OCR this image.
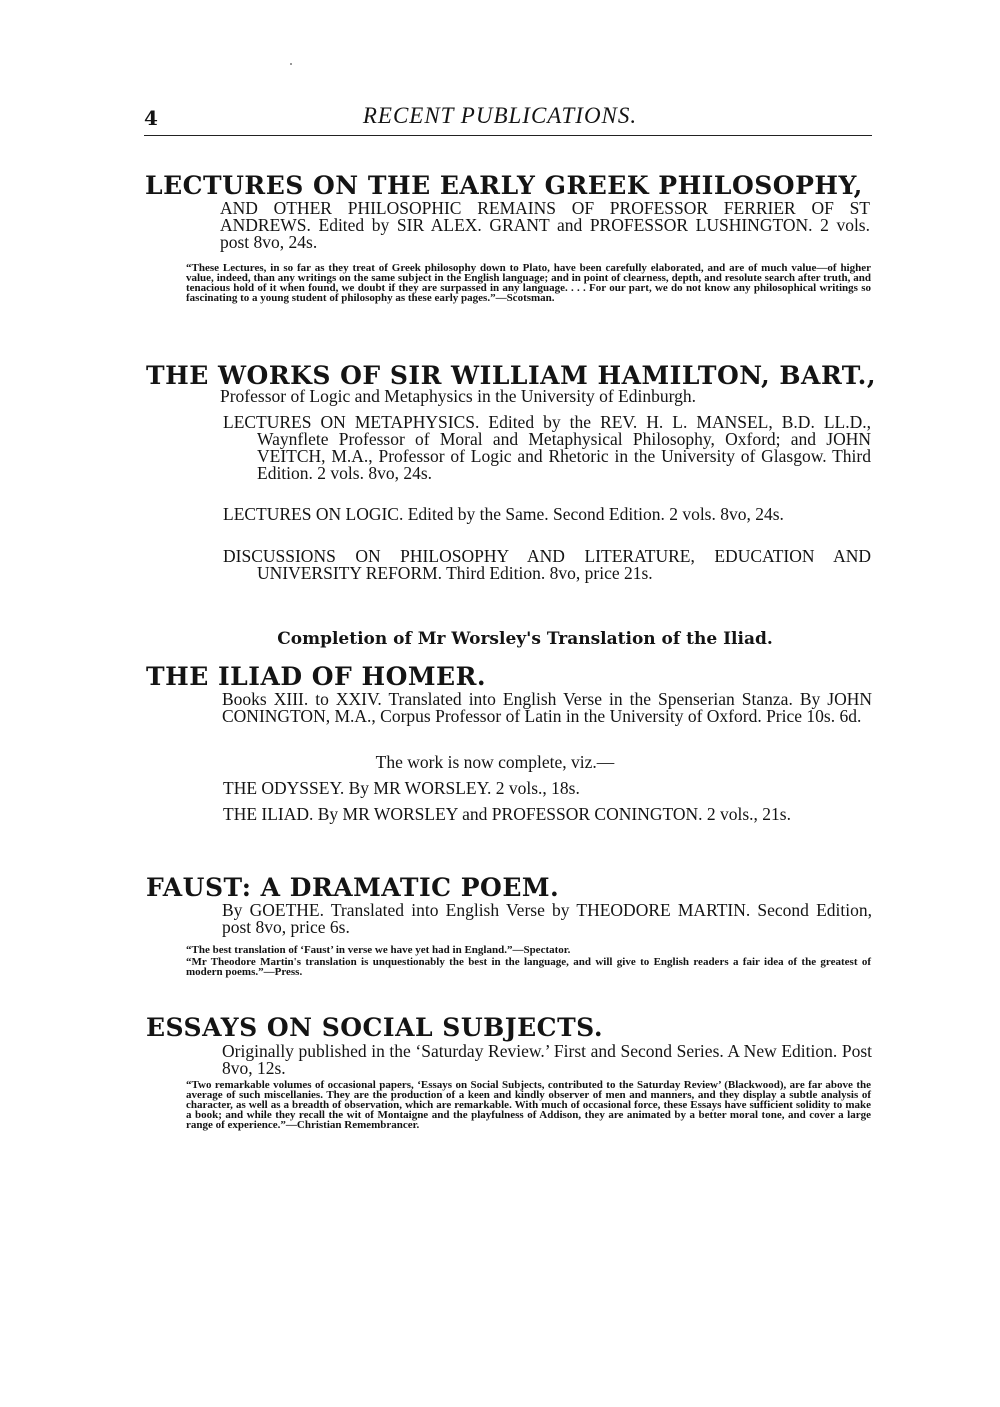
4	RECENT PUBLICATIONS.
LECTURES ON THE EARLY GREEK PHILOSOPHY,
AND OTHER PHILOSOPHIC REMAINS OF PROFESSOR FERRIER OF ST ANDREWS. Edited by SIR ALEX. GRANT and PROFESSOR LUSHINGTON. 2 vols. post 8vo, 24s.
“These Lectures, in so far as they treat of Greek philosophy down to Plato, have been carefully elaborated, and are of much value—of higher value, indeed, than any writings on the same subject in the English language; and in point of clearness, depth, and resolute search after truth, and tenacious hold of it when found, we doubt if they are surpassed in any language. . . . For our part, we do not know any philosophical writings so fascinating to a young student of philosophy as these early pages.”—Scotsman.
THE WORKS OF SIR WILLIAM HAMILTON, BART.,
Professor of Logic and Metaphysics in the University of Edinburgh.
LECTURES ON METAPHYSICS. Edited by the REV. H. L. MANSEL, B.D. LL.D., Waynflete Professor of Moral and Metaphysical Philosophy, Oxford; and JOHN VEITCH, M.A., Professor of Logic and Rhetoric in the University of Glasgow. Third Edition. 2 vols. 8vo, 24s.
LECTURES ON LOGIC. Edited by the Same. Second Edition. 2 vols. 8vo, 24s.
DISCUSSIONS ON PHILOSOPHY AND LITERATURE, EDUCATION AND UNIVERSITY REFORM. Third Edition. 8vo, price 21s.
Completion of Mr Worsley's Translation of the Iliad.
THE ILIAD OF HOMER.
Books XIII. to XXIV. Translated into English Verse in the Spenserian Stanza. By JOHN CONINGTON, M.A., Corpus Professor of Latin in the University of Oxford. Price 10s. 6d.
The work is now complete, viz.—
THE ODYSSEY. By MR WORSLEY. 2 vols., 18s.
THE ILIAD. By MR WORSLEY and PROFESSOR CONINGTON. 2 vols., 21s.
FAUST: A DRAMATIC POEM.
By GOETHE. Translated into English Verse by THEODORE MARTIN. Second Edition, post 8vo, price 6s.
“The best translation of ‘Faust’ in verse we have yet had in England.”—Spectator.
“Mr Theodore Martin's translation is unquestionably the best in the language, and will give to English readers a fair idea of the greatest of modern poems.”—Press.
ESSAYS ON SOCIAL SUBJECTS.
Originally published in the ‘Saturday Review.’ First and Second Series. A New Edition. Post 8vo, 12s.
“Two remarkable volumes of occasional papers, ‘Essays on Social Subjects, contributed to the Saturday Review’ (Blackwood), are far above the average of such miscellanies. They are the production of a keen and kindly observer of men and manners, and they display a subtle analysis of character, as well as a breadth of observation, which are remarkable. With much of occasional force, these Essays have sufficient solidity to make a book; and while they recall the wit of Montaigne and the playfulness of Addison, they are animated by a better moral tone, and cover a large range of experience.”—Christian Remembrancer.
